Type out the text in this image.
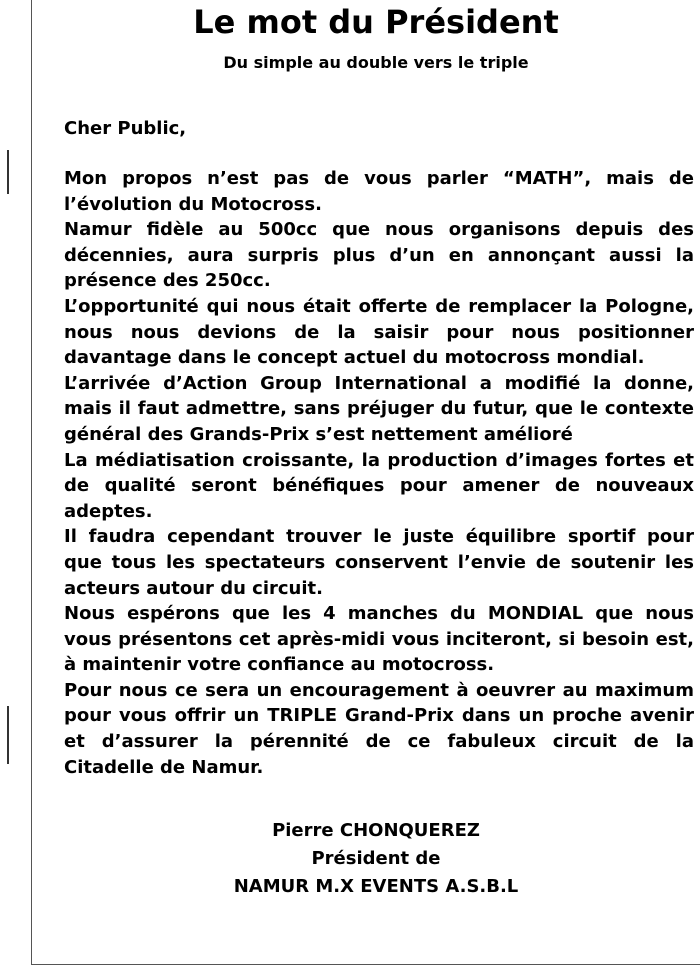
Le mot du Président
Du simple au double vers le triple
Cher Public,

Mon propos n’est pas de vous parler “MATH”, mais de l’évolution du Motocross.

Namur fidèle au 500cc que nous organisons depuis des décennies, aura surpris plus d’un en annonçant aussi la présence des 250cc.

L’opportunité qui nous était offerte de remplacer la Pologne, nous nous devions de la saisir pour nous positionner davantage dans le concept actuel du motocross mondial.

L’arrivée d’Action Group International a modifié la donne, mais il faut admettre, sans préjuger du futur, que le contexte général des Grands-Prix s’est nettement amélioré

La médiatisation croissante, la production d’images fortes et de qualité seront bénéfiques pour amener de nouveaux adeptes.

Il faudra cependant trouver le juste équilibre sportif pour que tous les spectateurs conservent l’envie de soutenir les acteurs autour du circuit.

Nous espérons que les 4 manches du MONDIAL que nous vous présentons cet après-midi vous inciteront, si besoin est, à maintenir votre confiance au motocross.

Pour nous ce sera un encouragement à oeuvrer au maximum pour vous offrir un TRIPLE Grand-Prix dans un proche avenir et d’assurer la pérennité de ce fabuleux circuit de la Citadelle de Namur.

Pierre CHONQUEREZ
Président de
NAMUR M.X EVENTS A.S.B.L
